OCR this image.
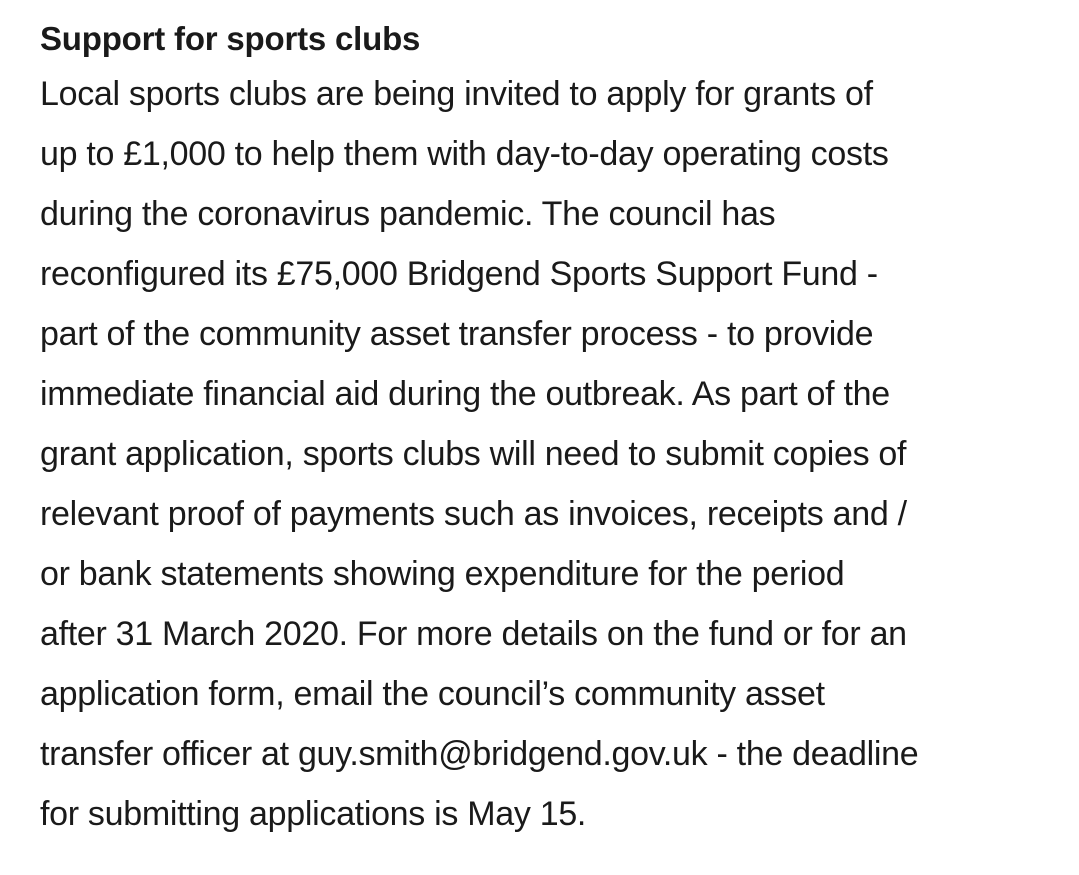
Support for sports clubs
Local sports clubs are being invited to apply for grants of
up to £1,000 to help them with day-to-day operating costs
during the coronavirus pandemic. The council has
reconfigured its £75,000 Bridgend Sports Support Fund -
part of the community asset transfer process - to provide
immediate financial aid during the outbreak. As part of the
grant application, sports clubs will need to submit copies of
relevant proof of payments such as invoices, receipts and /
or bank statements showing expenditure for the period
after 31 March 2020. For more details on the fund or for an
application form, email the council’s community asset
transfer officer at guy.smith@bridgend.gov.uk - the deadline
for submitting applications is May 15.
